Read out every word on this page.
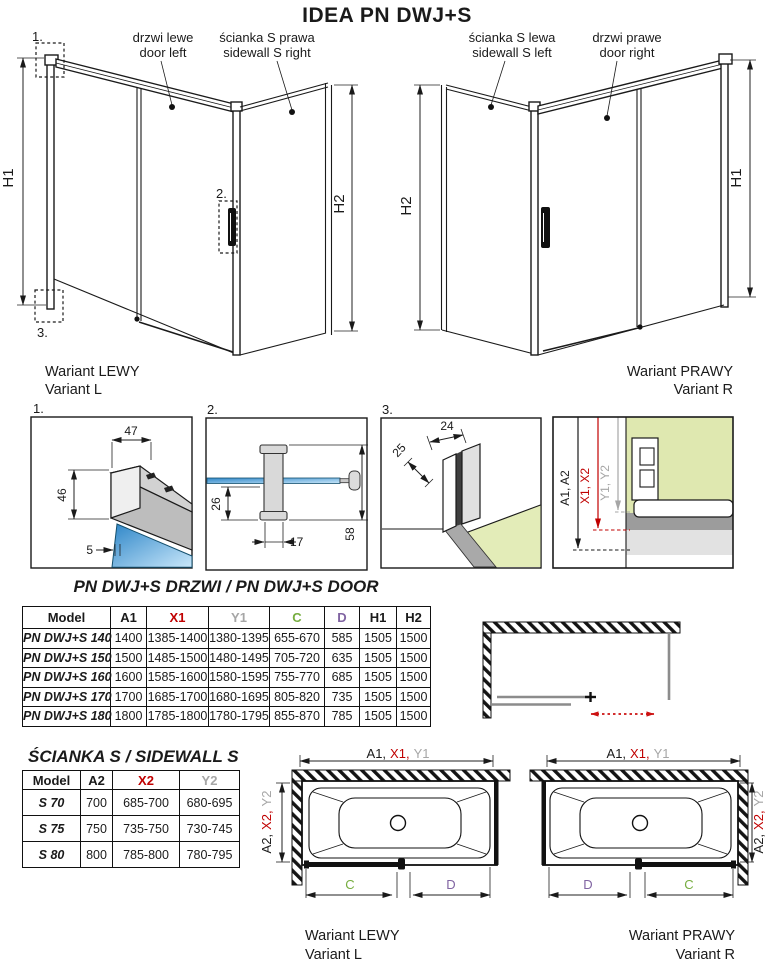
IDEA PN DWJ+S
H1
H2
1.
2.
3.
drzwi lewe
door left
ścianka S prawa
sidewall S right
Wariant LEWY
Variant L
H2
H1
ścianka S lewa
sidewall S left
drzwi prawe
door right
Wariant PRAWY
Variant R
1.
47
46
5
2.
26
17
58
3.
24
25
A1, A2 X1, X2 Y1, Y2
PN DWJ+S DRZWI / PN DWJ+S DOOR
Model	A1	X1	Y1	C	D	H1	H2
PN DWJ+S 140	1400	1385-1400	1380-1395	655-670	585	1505	1500
PN DWJ+S 150	1500	1485-1500	1480-1495	705-720	635	1505	1500
PN DWJ+S 160	1600	1585-1600	1580-1595	755-770	685	1505	1500
PN DWJ+S 170	1700	1685-1700	1680-1695	805-820	735	1505	1500
PN DWJ+S 180	1800	1785-1800	1780-1795	855-870	785	1505	1500
ŚCIANKA S / SIDEWALL S
Model	A2	X2	Y2
S 70	700	685-700	680-695
S 75	750	735-750	730-745
S 80	800	785-800	780-795
A1, X1, Y1
C	D
A2,X2,Y2
Wariant LEWY
Variant L
A1, X1, Y1
D	C
A2,X2,Y2
Wariant PRAWY
Variant R
